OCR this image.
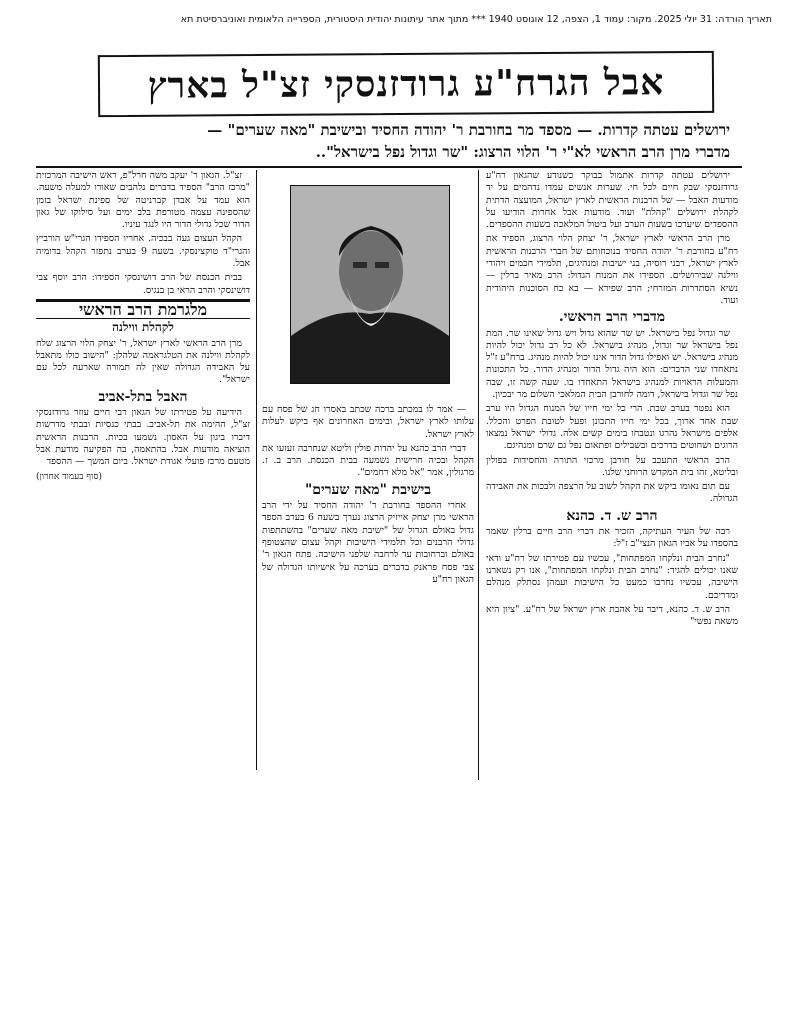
תאריך הורדה: 31 יולי 2025. מקור: עמוד 1, הצפה, 12 אוגוסט 1940 *** מתוך אתר עיתונות יהודית היסטורית, הספרייה הלאומית ואוניברסיטת תא
אבל הגרח"ע גרודזנסקי זצ"ל בארץ
ירושלים עטתה קדרות. — מספד מר בחורבת ר' יהודה החסיד ובישיבת "מאה שערים" —
מדברי מרן הרב הראשי לא"י ר' הלוי הרצוג: "שר וגדול נפל בישראל"..

ירושלים עטתה קדרות אתמול בבוקר כשנודע שהגאון רח"ע גרודזנסקי שבק חיים לכל חי. שערות אנשים עמדו נדהמים על יד מודעות האבל — של הרבנות הראשית לארץ ישראל, המועצה הדתית לקהלת ירושלים "קהלת" ועוד. מודעות אבל אחרות הודיעו על ההספדים שיערכו בשעות הערב ועל ביטול המלאכה בשעות ההספדים.

מרן הרב הראשי לארץ ישראל, ר' יצחק הלוי הרצוג, הספיד את רח"ע בחורבת ר' יהודה החסיד בנוכחותם של חברי הרבנות הראשית לארץ ישראל, רבני רוסיה, בני ישיבות ומנהיגים, תלמידי חכמים ויהודי ווילנה שבירושלים. הספידו את המנוח הגדול: הרב מאיר ברלין — נשיא הסתדרות המזרחי; הרב שפירא — בא כח הסוכנות היהודית ועוד.

מדברי הרב הראשי.

שר וגדול נפל בישראל. יש שר שהוא גדול ויש גדול שאינו שר. המת נפל בישראל שר וגדול, מנהיג בישראל. לא כל רב גדול יכול להיות מנהיג בישראל. יש ואפילו גדול הדור אינו יכול להיות מנהיג. ברח"ע ז"ל נתאחדו שני הדברים: הוא היה גדול הדור ומנהיג הדור. כל התכונות והמעלות הראויות למנהיג בישראל התאחדו בו. שעה קשה זו, שבה נפל שר וגדול בישראל, דומה לחורבן הבית המלאכי השלום מר יבכיון.

הוא נפטר בערב שבת. הרי כל ימי חייו של המנוח הגדול היו ערב שבת אחד ארוך, בכל ימי חייו התכונן ופעל לטובת הפרט והכלל. אלפים מישראל נהרגו ונטבחו בימים קשים אלה. גדולי ישראל נמצאו הרוגים ושחוטים בדרכים ובשבילים ופתאום נפל גם שרם ומנהיגם.

הרב הראשי התעכב על חורבן מרכזי התורה והחסידות בפולין ובליטא, זהו בית המקדש הרוחני שלנו.

עם תום נאומו ביקש את הקהל לשוב על הרצפה ולבכות את האבידה הגדולה.

הרב ש. ד. כהנא

רבה של העיר העתיקה, הזכיר את דברי הרב חיים ברלין שאמר בהספדו על אביו הגאון הנצי"ב ז"ל:

"נחרב הבית ונלקחו המפתחות", עכשיו עם פטירתו של רח"ע ודאי שאנו יכולים להגיד: "נחרב הבית ונלקחו המפתחות", אנו רק נשארנו הישיבה, עכשיו נחרבו כמעט כל הישיבות ועמהן נסתלק מנהלם ומדריכם.

הרב ש. ד. כהנא, דיבר על אהבת ארץ ישראל של רח"ע. "ציון היא משאת נפשי"

— אמר לו במכתב ברכה שכתב באסרו חג של פסח עם עלותו לארץ ישראל, ובימים האחרונים אף ביקש לעלות לארץ ישראל.

דברי הרב כהנא על יהדות פולין וליטא שנחרבה זעזעו את הקהל ובכיה חרישית נשמעה בבית הכנסת. הרב ב. ז. מרגולין, אמר "אל מלא רחמים".

בישיבת "מאה שערים"

אחרי ההספד בחורבת ר' יהודה החסיד על ידי הרב הראשי מרן יצחק אייזיק הרצוג נערך בשעה 6 בערב הספד גדול באולם הגדול של "ישיבת מאה שערים" בהשתתפות גדולי הרבנים וכל תלמידי הישיבות וקהל עצום שהצטופף באולם וברחובות עד לרחבה שלפני הישיבה. פתח הגאון ר' צבי פסח פראנק בדברים בערכה על אישיותו הגדולה של הגאון רח"ע

זצ"ל. הגאון ר' יעקב משה חרל"פ, ראש הישיבה המרכזית "מרכז הרב" הספיד בדברים נלהבים שאורו למעלה משעה. הוא עמד על אבדן קברניטה של ספינת ישראל בזמן שהספינה עצמה מטורפת בלב ימים ועל סילוקו של גאון הדור שכל גדולי הדור היו לנגד עיניו.

הקהל העצום געה בבכיה. אחריו הספידו הגרי"ש הורביץ והגרי"ד טוקצינסקי. בשעה 9 בערב נתפזר הקהל בדומיה אבל.

בבית הכנסת של הרב דושינסקי הספידו: הרב יוסף צבי דושינסקי והרב הראי בן בנגיס.

מלגרמת הרב הראשי
לקהלת ווילנה

מרן הרב הראשי לארץ ישראל, ר' יצחק הלוי הרצוג שלח לקהלת ווילנה את הטלגראמה שלהלן: "הישוב כולו מתאבל על האבידה הגדולה שאין לה תמורה שארעה לכל עם ישראל".

האבל בתל-אביב

הידיעה על פטירתו של הגאון רבי חיים עוזר גרודזנסקי זצ"ל, ההימה את תל-אביב. בבתי כנסיות ובבתי מדרשות דיברו ביגון על האסון. נשמעו בכיות. הרבנות הראשית הוציאה מודעות אבל. בהתאמה, בה הפקיעה מודעת אבל מטעם מרכז פועלי אגודת ישראל. ביום המשך — ההספד

(סוף בעמוד אחרון)
